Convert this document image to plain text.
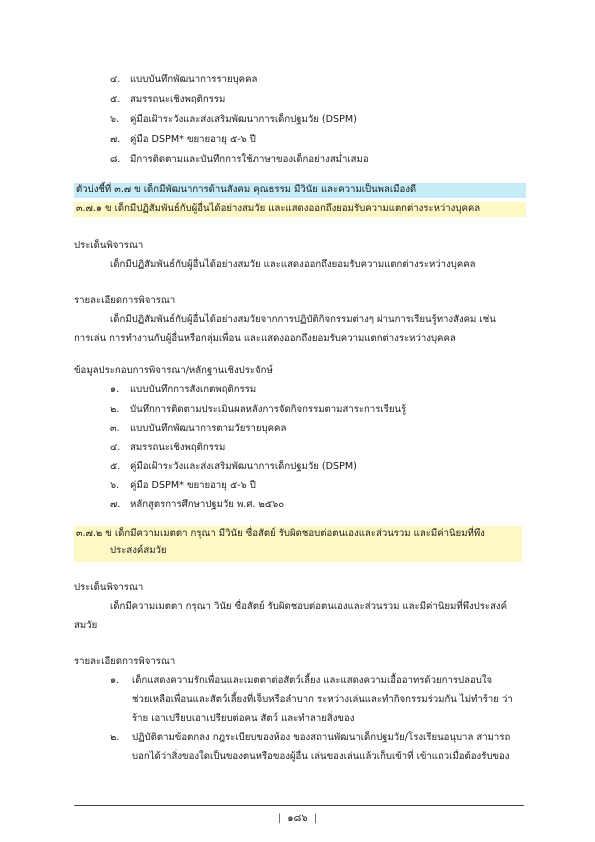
๔. แบบบันทึกพัฒนาการรายบุคคล
๕. สมรรถนะเชิงพฤติกรรม
๖. คู่มือเฝ้าระวังและส่งเสริมพัฒนาการเด็กปฐมวัย (DSPM)
๗. คู่มือ DSPM* ขยายอายุ ๕-๖ ปี
๘. มีการติดตามและบันทึกการใช้ภาษาของเด็กอย่างสม่ำเสมอ
ตัวบ่งชี้ที่ ๓.๗ ข เด็กมีพัฒนาการด้านสังคม คุณธรรม มีวินัย และความเป็นพลเมืองดี
๓.๗.๑ ข เด็กมีปฏิสัมพันธ์กับผู้อื่นได้อย่างสมวัย และแสดงออกถึงยอมรับความแตกต่างระหว่างบุคคล
ประเด็นพิจารณา
เด็กมีปฏิสัมพันธ์กับผู้อื่นได้อย่างสมวัย และแสดงออกถึงยอมรับความแตกต่างระหว่างบุคคล
รายละเอียดการพิจารณา
เด็กมีปฏิสัมพันธ์กับผู้อื่นได้อย่างสมวัยจากการปฏิบัติกิจกรรมต่างๆ ผ่านการเรียนรู้ทางสังคม เช่น
การเล่น การทำงานกับผู้อื่นหรือกลุ่มเพื่อน และแสดงออกถึงยอมรับความแตกต่างระหว่างบุคคล
ข้อมูลประกอบการพิจารณา/หลักฐานเชิงประจักษ์
๑. แบบบันทึกการสังเกตพฤติกรรม
๒. บันทึกการติดตามประเมินผลหลังการจัดกิจกรรมตามสาระการเรียนรู้
๓. แบบบันทึกพัฒนาการตามวัยรายบุคคล
๔. สมรรถนะเชิงพฤติกรรม
๕. คู่มือเฝ้าระวังและส่งเสริมพัฒนาการเด็กปฐมวัย (DSPM)
๖. คู่มือ DSPM* ขยายอายุ ๕-๖ ปี
๗. หลักสูตรการศึกษาปฐมวัย พ.ศ. ๒๕๖๐
๓.๗.๒ ข เด็กมีความเมตตา กรุณา มีวินัย ซื่อสัตย์ รับผิดชอบต่อตนเองและส่วนรวม และมีค่านิยมที่พึง
ประสงค์สมวัย
ประเด็นพิจารณา
เด็กมีความเมตตา กรุณา วินัย ซื่อสัตย์ รับผิดชอบต่อตนเองและส่วนรวม และมีค่านิยมที่พึงประสงค์
สมวัย
รายละเอียดการพิจารณา
๑. เด็กแสดงความรักเพื่อนและเมตตาต่อสัตว์เลี้ยง และแสดงความเอื้ออาทรด้วยการปลอบใจ
ช่วยเหลือเพื่อนและสัตว์เลี้ยงที่เจ็บหรือลำบาก ระหว่างเล่นและทำกิจกรรมร่วมกัน ไม่ทำร้าย ว่า
ร้าย เอาเปรียบเอาเปรียบต่อคน สัตว์ และทำลายสิ่งของ
๒. ปฏิบัติตามข้อตกลง กฎระเบียบของห้อง ของสถานพัฒนาเด็กปฐมวัย/โรงเรียนอนุบาล สามารถ
บอกได้ว่าสิ่งของใดเป็นของตนหรือของผู้อื่น เล่นของเล่นแล้วเก็บเข้าที่ เข้าแถวเมื่อต้องรับของ
| ๑๘๖ |
